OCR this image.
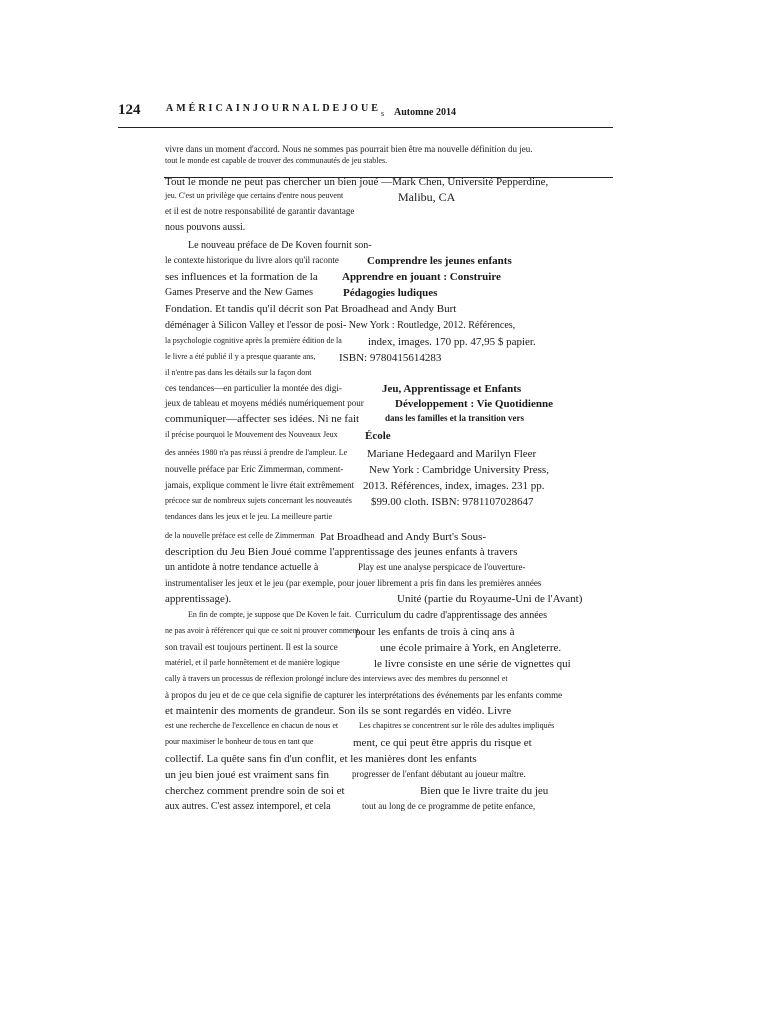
124	AMÉRICAINJOURNALDEJOUE s Automne 2014
vivre dans un moment d'accord. Nous ne sommes pas pourrait bien être ma nouvelle définition du jeu.
tout le monde est capable de trouver des communautés de jeu stables.
Tout le monde ne peut pas chercher un bien joué —Mark Chen, Université Pepperdine,
jeu. C'est un privilège que certains d'entre nous peuvent	Malibu, CA
et il est de notre responsabilité de garantir davantage
nous pouvons aussi.
Le nouveau préface de De Koven fournit son-
le contexte historique du livre alors qu'il raconte	Comprendre les jeunes enfants
ses influences et la formation de la Apprendre en jouant : Construire
Games Preserve and the New Games	Pédagogies ludiques
Fondation. Et tandis qu'il décrit son Pat Broadhead and Andy Burt
déménager à Silicon Valley et l'essor de posi- New York : Routledge, 2012. Références,
la psychologie cognitive après la première édition de la index, images. 170 pp. 47,95 $ papier.
le livre a été publié il y a presque quarante ans, ISBN: 9780415614283
il n'entre pas dans les détails sur la façon dont
ces tendances—en particulier la montée des digi-	Jeu, Apprentissage et Enfants
jeux de tableau et moyens médiés numériquement pour	Développement : Vie Quotidienne
communiquer—affecter ses idées. Ni ne fait	dans les familles et la transition vers
il précise pourquoi le Mouvement des Nouveaux Jeux École
des années 1980 n'a pas réussi à prendre de l'ampleur. Le Mariane Hedegaard and Marilyn Fleer
nouvelle préface par Eric Zimmerman, comment- New York : Cambridge University Press,
jamais, explique comment le livre était extrêmement 2013. Références, index, images. 231 pp.
précoce sur de nombreux sujets concernant les nouveautés $99.00 cloth. ISBN: 9781107028647
tendances dans les jeux et le jeu. La meilleure partie
de la nouvelle préface est celle de Zimmerman Pat Broadhead and Andy Burt's Sous-
description du Jeu Bien Joué comme l'apprentissage des jeunes enfants à travers
un antidote à notre tendance actuelle à	Play est une analyse perspicace de l'ouverture-
instrumentaliser les jeux et le jeu (par exemple, pour jouer librement a pris fin dans les premières années
apprentissage).	Unité (partie du Royaume-Uni de l'Avant)
En fin de compte, je suppose que De Koven le fait. Curriculum du cadre d'apprentissage des années
ne pas avoir à référencer qui que ce soit ni prouver comment
pour les enfants de trois à cinq ans à
son travail est toujours pertinent. Il est la source	une école primaire à York, en Angleterre.
matériel, et il parle honnêtement et de manière logique	le livre consiste en une série de vignettes qui
cally à travers un processus de réflexion prolongé inclure des interviews avec des membres du personnel et
à propos du jeu et de ce que cela signifie de capturer les interprétations des événements par les enfants comme
et maintenir des moments de grandeur. Son ils se sont regardés en vidéo. Livre
est une recherche de l'excellence en chacun de nous et	Les chapitres se concentrent sur le rôle des adultes impliqués
pour maximiser le bonheur de tous en tant que	ment, ce qui peut être appris du risque et
collectif. La quête sans fin d'un conflit, et les manières dont les enfants
un jeu bien joué est vraiment sans fin	progresser de l'enfant débutant au joueur maître.
cherchez comment prendre soin de soi et	Bien que le livre traite du jeu
aux autres. C'est assez intemporel, et cela	tout au long de ce programme de petite enfance,
